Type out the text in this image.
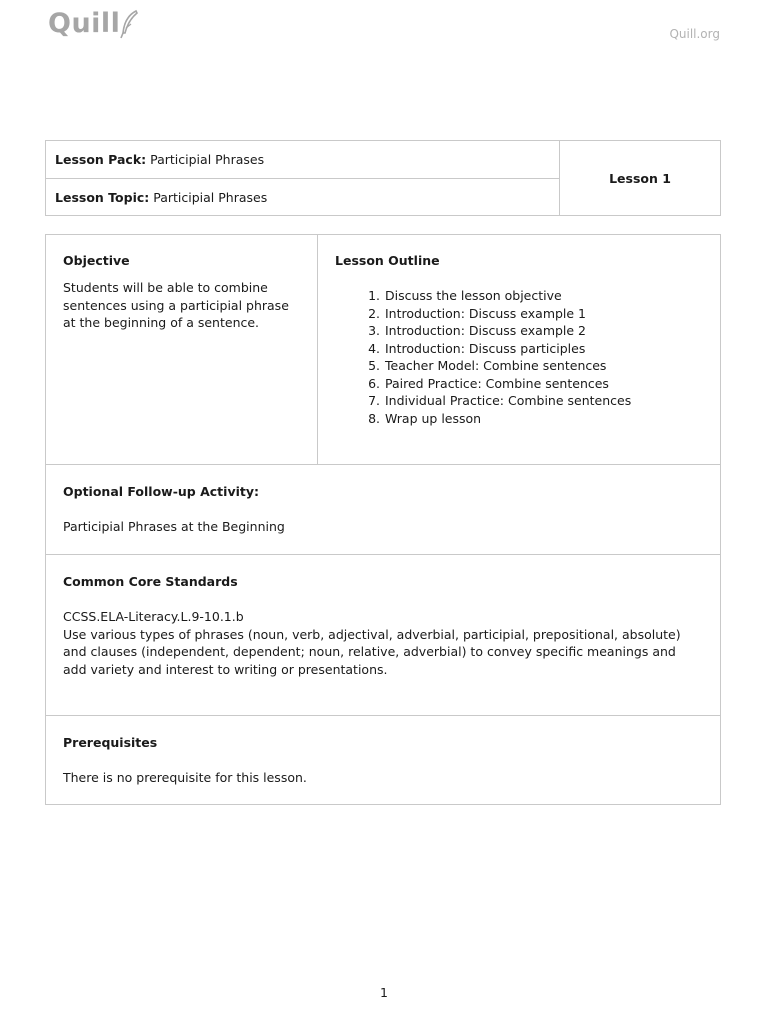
Quill	Quill.org
Lesson Pack: Participial Phrases
Lesson Topic: Participial Phrases
Lesson 1

Objective

Students will be able to combine sentences using a participial phrase at the beginning of a sentence.

Lesson Outline

1. Discuss the lesson objective
2. Introduction: Discuss example 1
3. Introduction: Discuss example 2
4. Introduction: Discuss participles
5. Teacher Model: Combine sentences
6. Paired Practice: Combine sentences
7. Individual Practice: Combine sentences
8. Wrap up lesson

Optional Follow-up Activity:

Participial Phrases at the Beginning

Common Core Standards

CCSS.ELA-Literacy.L.9-10.1.b
Use various types of phrases (noun, verb, adjectival, adverbial, participial, prepositional, absolute) and clauses (independent, dependent; noun, relative, adverbial) to convey specific meanings and add variety and interest to writing or presentations.

Prerequisites

There is no prerequisite for this lesson.
1
